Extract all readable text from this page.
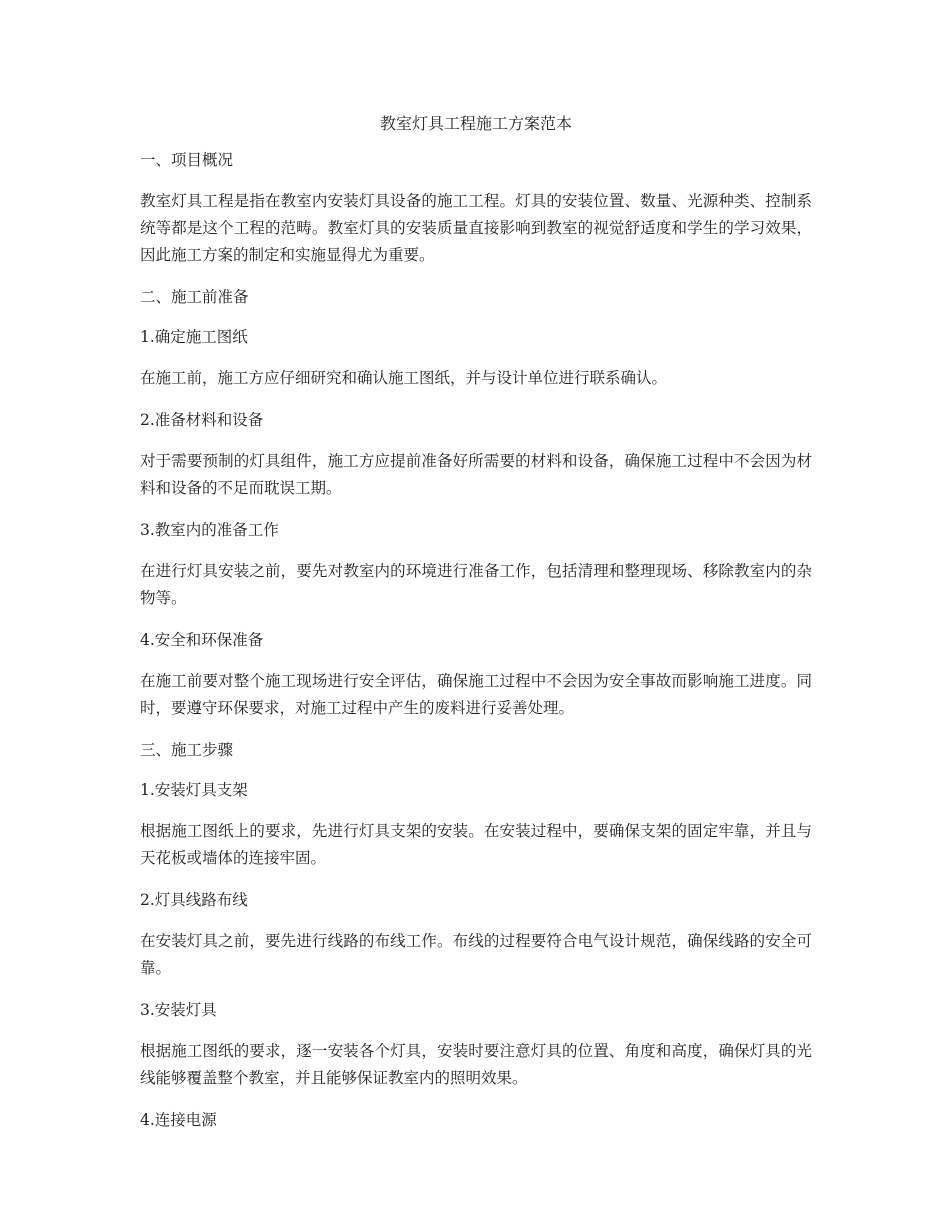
教室灯具工程施工方案范本
一、项目概况
教室灯具工程是指在教室内安装灯具设备的施工工程。灯具的安装位置、数量、光源种类、控制系统等都是这个工程的范畴。教室灯具的安装质量直接影响到教室的视觉舒适度和学生的学习效果，因此施工方案的制定和实施显得尤为重要。
二、施工前准备
1.确定施工图纸
在施工前，施工方应仔细研究和确认施工图纸，并与设计单位进行联系确认。
2.准备材料和设备
对于需要预制的灯具组件，施工方应提前准备好所需要的材料和设备，确保施工过程中不会因为材料和设备的不足而耽误工期。
3.教室内的准备工作
在进行灯具安装之前，要先对教室内的环境进行准备工作，包括清理和整理现场、移除教室内的杂物等。
4.安全和环保准备
在施工前要对整个施工现场进行安全评估，确保施工过程中不会因为安全事故而影响施工进度。同时，要遵守环保要求，对施工过程中产生的废料进行妥善处理。
三、施工步骤
1.安装灯具支架
根据施工图纸上的要求，先进行灯具支架的安装。在安装过程中，要确保支架的固定牢靠，并且与天花板或墙体的连接牢固。
2.灯具线路布线
在安装灯具之前，要先进行线路的布线工作。布线的过程要符合电气设计规范，确保线路的安全可靠。
3.安装灯具
根据施工图纸的要求，逐一安装各个灯具，安装时要注意灯具的位置、角度和高度，确保灯具的光线能够覆盖整个教室，并且能够保证教室内的照明效果。
4.连接电源
